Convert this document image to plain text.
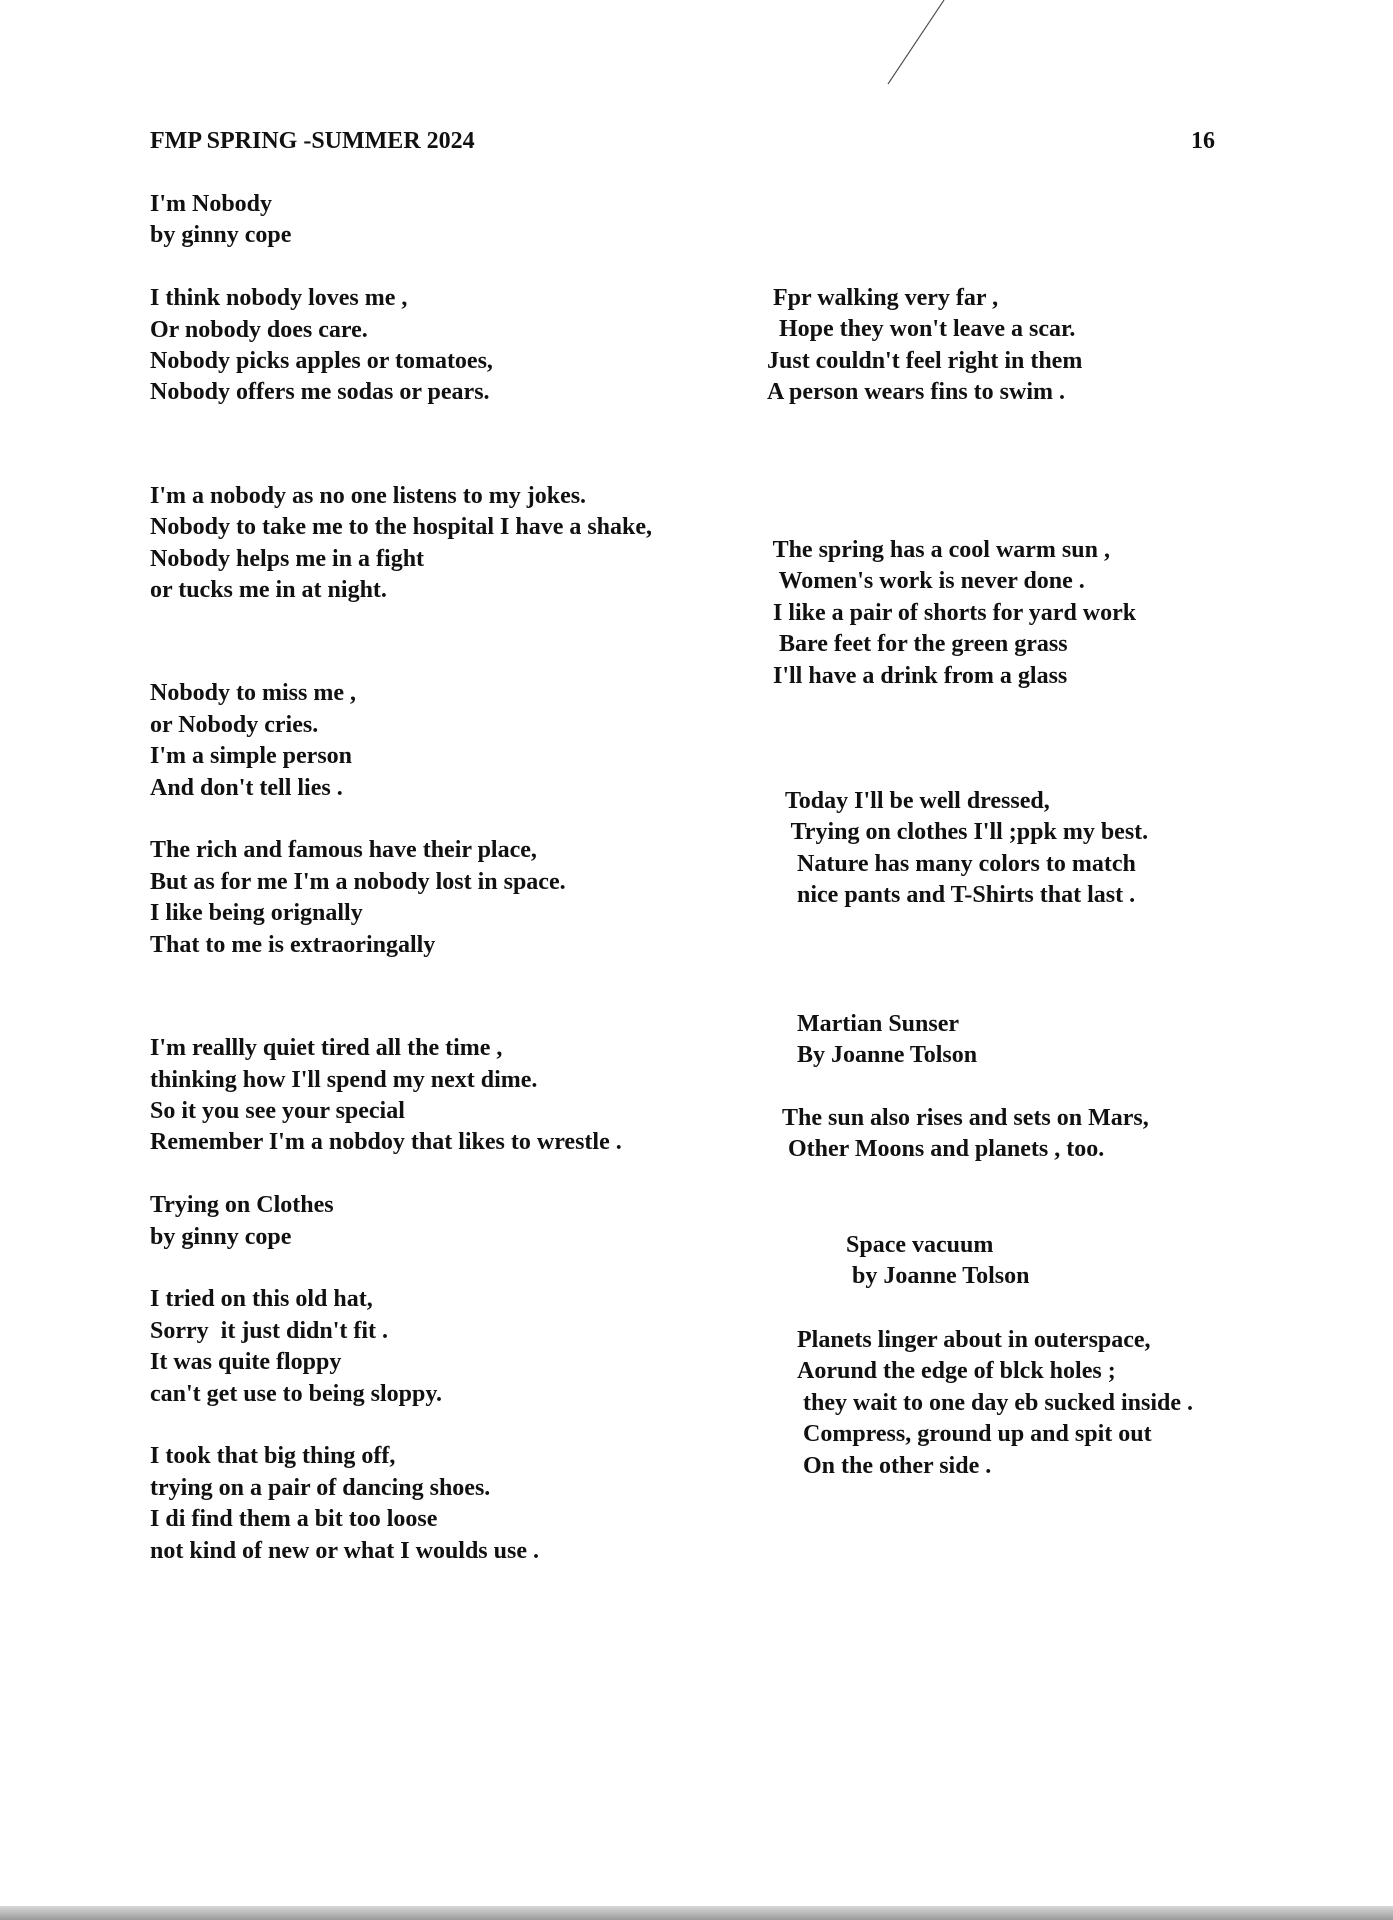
FMP SPRING -SUMMER 2024	16
I'm Nobody
by ginny cope
I think nobody loves me ,
Or nobody does care.
Nobody picks apples or tomatoes,
Nobody offers me sodas or pears.
I'm a nobody as no one listens to my jokes.
Nobody to take me to the hospital I have a shake,
Nobody helps me in a fight
or tucks me in at night.
Nobody to miss me ,
or Nobody cries.
I'm a simple person
And don't tell lies .
The rich and famous have their place,
But as for me I'm a nobody lost in space.
I like being orignally
That to me is extraoringally
I'm reallly quiet tired all the time ,
thinking how I'll spend my next dime.
So it you see your special
Remember I'm a nobdoy that likes to wrestle .
Trying on Clothes
by ginny cope
I tried on this old hat,
Sorry  it just didn't fit .
It was quite floppy
can't get use to being sloppy.
I took that big thing off,
trying on a pair of dancing shoes.
I di find them a bit too loose
not kind of new or what I woulds use .
Fpr walking very far ,
Hope they won't leave a scar.
Just couldn't feel right in them
A person wears fins to swim .
The spring has a cool warm sun ,
Women's work is never done .
I like a pair of shorts for yard work
Bare feet for the green grass
I'll have a drink from a glass
Today I'll be well dressed,
Trying on clothes I'll ;ppk my best.
Nature has many colors to match
nice pants and T-Shirts that last .
Martian Sunser
By Joanne Tolson
The sun also rises and sets on Mars,
Other Moons and planets , too.
Space vacuum
by Joanne Tolson
Planets linger about in outerspace,
Aorund the edge of blck holes ;
they wait to one day eb sucked inside .
Compress, ground up and spit out
On the other side .
